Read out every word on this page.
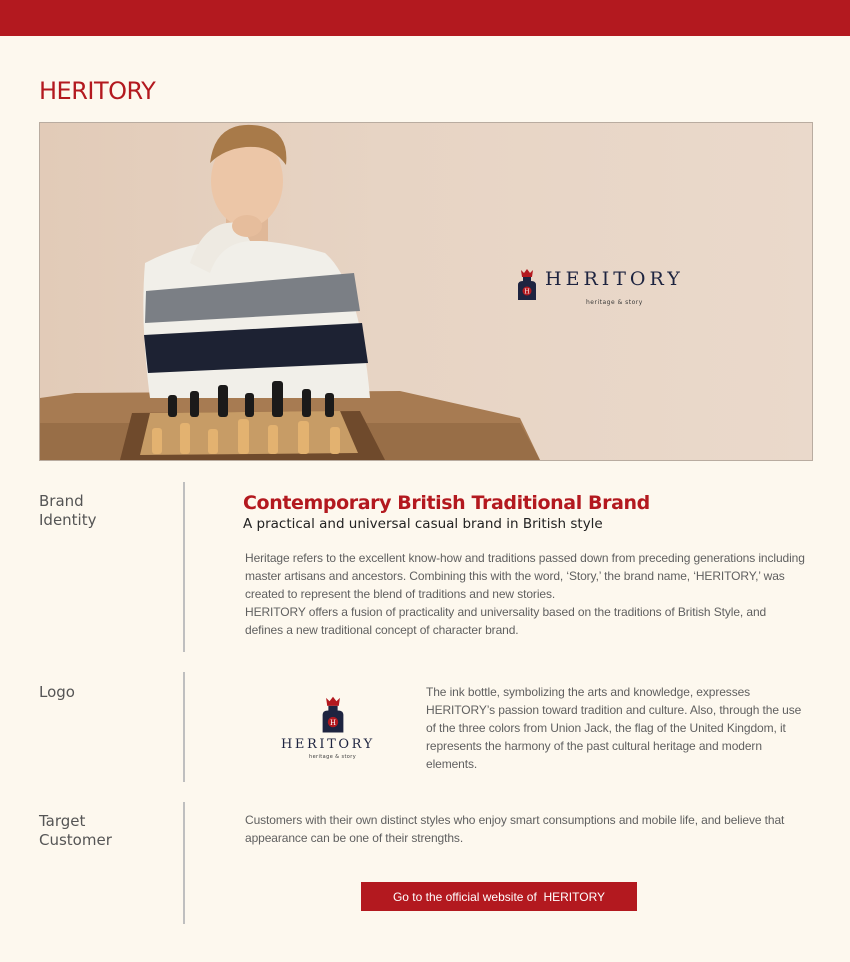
HERITORY
H
HERITORY
heritage & story
Brand
Identity
Contemporary British Traditional Brand

A practical and universal casual brand in British style

Heritage refers to the excellent know-how and traditions passed down from preceding generations including master artisans and ancestors. Combining this with the word, ‘Story,’ the brand name, ‘HERITORY,’ was created to represent the blend of traditions and new stories.
HERITORY offers a fusion of practicality and universality based on the traditions of British Style, and defines a new traditional concept of character brand.

Logo
H
HERITORY
heritage & story

The ink bottle, symbolizing the arts and knowledge, expresses HERITORY’s passion toward tradition and culture. Also, through the use of the three colors from Union Jack, the flag of the United Kingdom, it represents the harmony of the past cultural heritage and modern elements.

Target
Customer

Customers with their own distinct styles who enjoy smart consumptions and mobile life, and believe that appearance can be one of their strengths.

Go to the official website of  HERITORY
